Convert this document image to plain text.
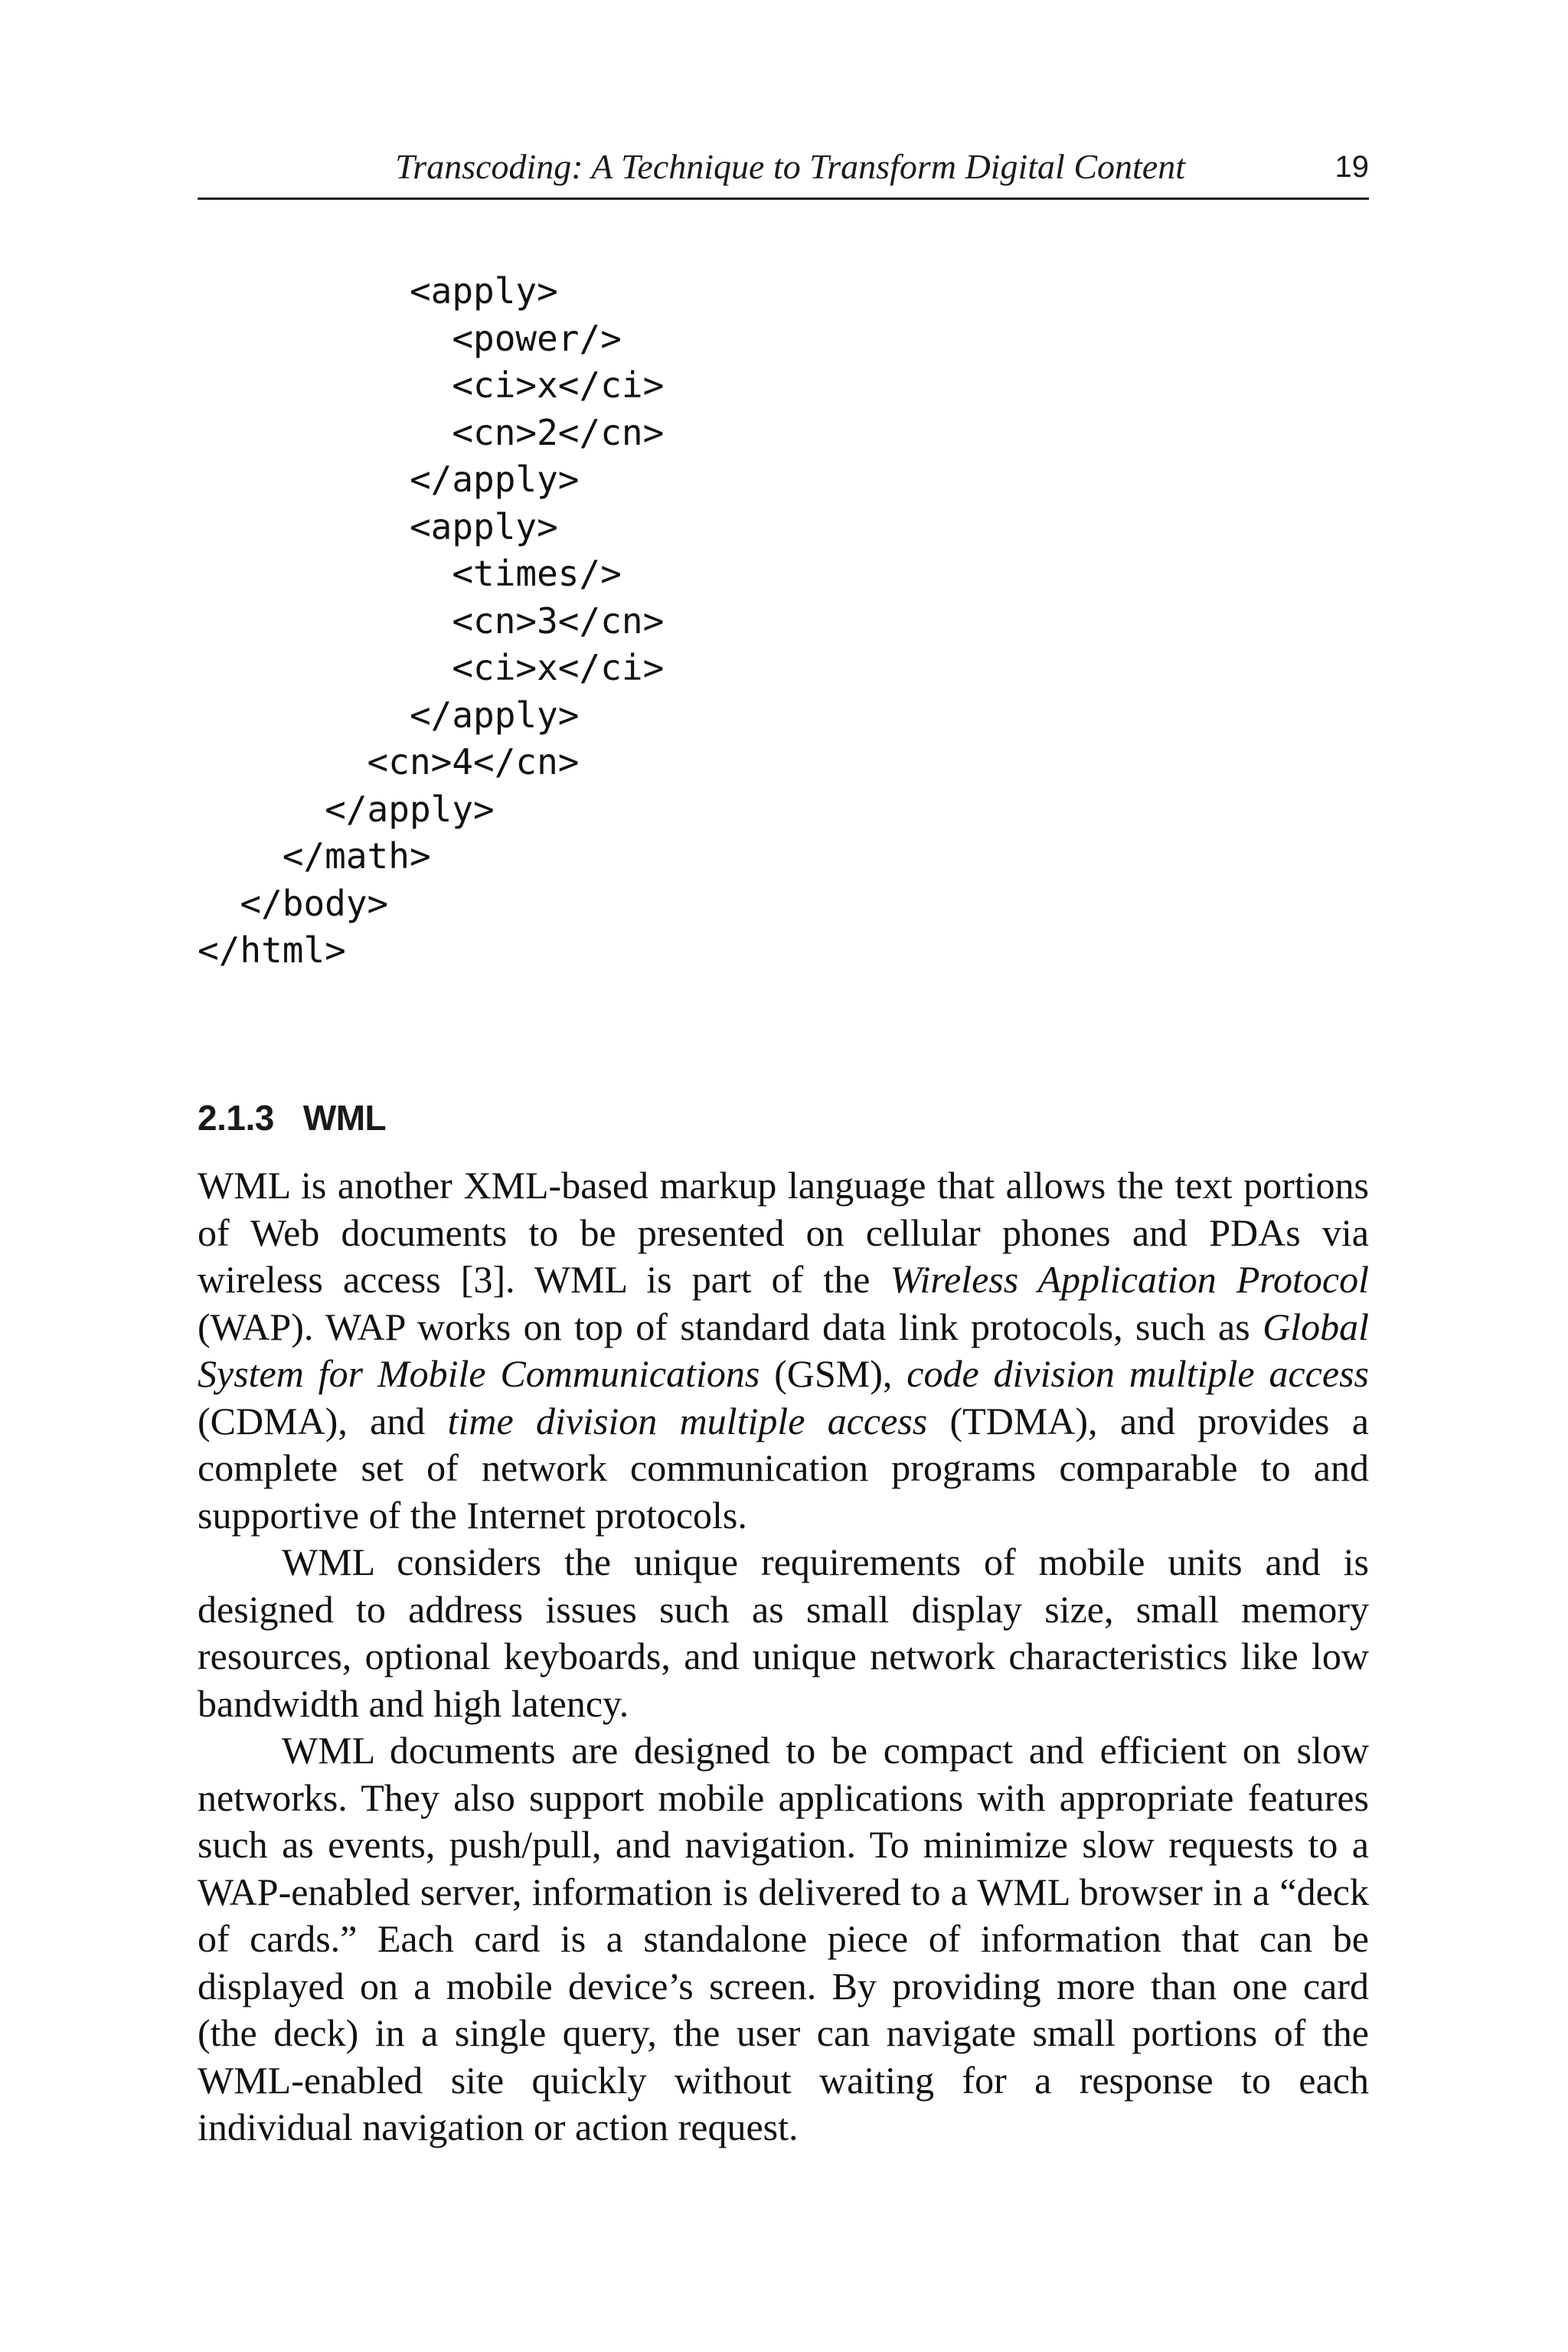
Transcoding: A Technique to Transform Digital Content	19
<apply>
<power/>
<ci>x</ci>
<cn>2</cn>
</apply>
<apply>
<times/>
<cn>3</cn>
<ci>x</ci>
</apply>
<cn>4</cn>
</apply>
</math>
</body>
</html>
2.1.3 WML

WML is another XML-based markup language that allows the text portions of Web documents to be presented on cellular phones and PDAs via wireless access [3]. WML is part of the Wireless Application Protocol (WAP). WAP works on top of standard data link protocols, such as Global System for Mobile Communications (GSM), code division multiple access (CDMA), and time division multiple access (TDMA), and provides a complete set of network communication programs comparable to and supportive of the Internet protocols.

WML considers the unique requirements of mobile units and is designed to address issues such as small display size, small memory resources, optional keyboards, and unique network characteristics like low bandwidth and high latency.

WML documents are designed to be compact and efficient on slow networks. They also support mobile applications with appropriate features such as events, push/pull, and navigation. To minimize slow requests to a WAP-enabled server, information is delivered to a WML browser in a “deck of cards.” Each card is a standalone piece of information that can be displayed on a mobile device’s screen. By providing more than one card (the deck) in a single query, the user can navigate small portions of the WML-enabled site quickly without waiting for a response to each individual navigation or action request.
